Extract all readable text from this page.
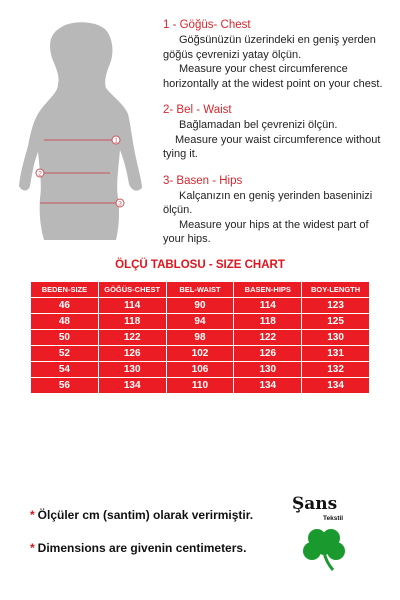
1
2
3
1 - Göğüs- Chest
Göğsünüzün üzerindeki en geniş yerden
göğüs çevrenizi yatay ölçün.
Measure your chest circumference
horizontally at the widest point on your chest.
2- Bel - Waist
Bağlamadan bel çevrenizi ölçün.
Measure your waist circumference without
tying it.
3- Basen - Hips
Kalçanızın en geniş yerinden baseninizi
ölçün.
Measure your hips at the widest part of
your hips.
ÖLÇÜ TABLOSU - SIZE CHART
BEDEN-SIZE	GÖĞÜS-CHEST	BEL-WAIST	BASEN-HIPS	BOY-LENGTH
46	114	90	114	123
48	118	94	118	125
50	122	98	122	130
52	126	102	126	131
54	130	106	130	132
56	134	110	134	134
* Ölçüler cm (santim) olarak verirmiştir.
* Dimensions are givenin centimeters.
Şans
Tekstil
